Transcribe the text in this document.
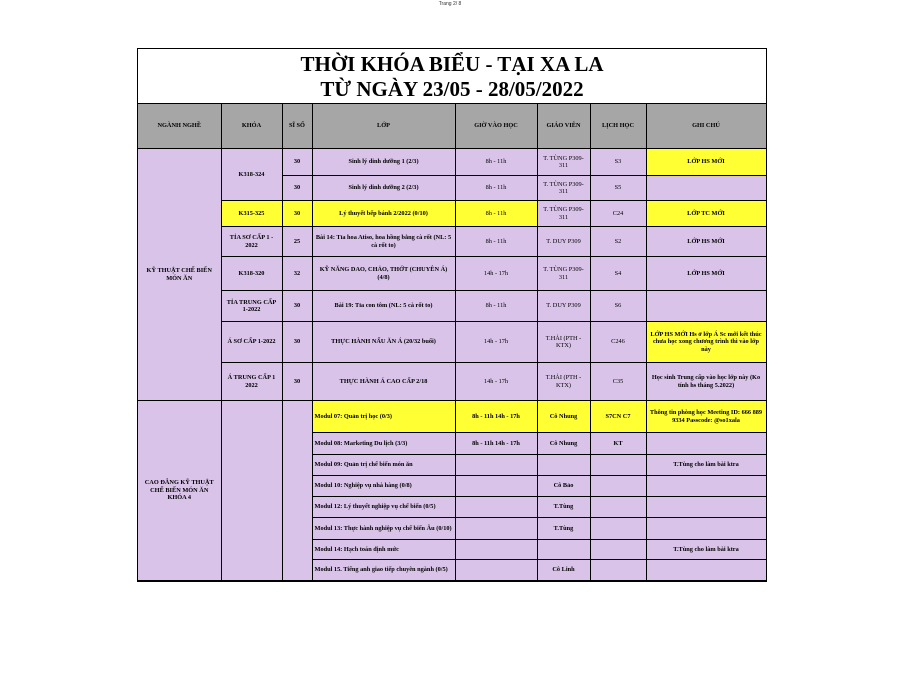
Trang 2/ 8
THỜI KHÓA BIỂU - TẠI XA LA
TỪ NGÀY 23/05 - 28/05/2022
NGÀNH NGHỀ	KHÓA	SĨ SỐ	LỚP	GIỜ VÀO HỌC	GIÁO VIÊN	LỊCH HỌC	GHI CHÚ
KỸ THUẬT CHẾ BIẾN MÓN ĂN	K318-324	30	Sinh lý dinh dưỡng 1 (2/3)	8h - 11h	T. TÙNG P309-311	S3	LỚP HS MỚI
		30	Sinh lý dinh dưỡng 2 (2/3)	8h - 11h	T. TÙNG P309-311	S5	
	K315-325	30	Lý thuyết bếp bánh 2/2022 (0/10)	8h - 11h	T. TÙNG P309-311	C24	LỚP TC MỚI
	TỈA SƠ CẤP 1 - 2022	25	Bài 14: Tỉa hoa Atiso, hoa hồng bằng cà rốt (NL: 5 cà rốt to)	8h - 11h	T. DUY P309	S2	LỚP HS MỚI
	K318-320	32	KỸ NĂNG DAO, CHẢO, THỚT (CHUYÊN Á) (4/8)	14h - 17h	T. TÙNG P309-311	S4	LỚP HS MỚI
	TỈA TRUNG CẤP 1-2022	30	Bài 19: Tỉa con tôm (NL: 5 cà rốt to)	8h - 11h	T. DUY P309	S6	
	Á SƠ CẤP 1-2022	30	THỰC HÀNH NẤU ĂN Á (20/32 buổi)	14h - 17h	T.HẢI (PTH - KTX)	C246	LỚP HS MỚI Hs ở lớp Á Sc mới kết thúc chưa học xong chương trình thì vào lớp này
	Á TRUNG CẤP 1 2022	30	THỰC HÀNH Á CAO CẤP 2/18	14h - 17h	T.HẢI (PTH - KTX)	C35	Học sinh Trung cấp vào học lớp này (Ko tính hs tháng 5.2022)
CAO ĐẲNG KỸ THUẬT CHẾ BIẾN MÓN ĂN KHÓA 4			Modul 07: Quản trị học (0/3)	8h - 11h 14h - 17h	Cô Nhung	S7CN C7	Thông tin phòng học Meeting ID: 666 889 9334 Passcode: @so1xala
			Modul 08: Marketing Du lịch (3/3)	8h - 11h 14h - 17h	Cô Nhung	KT	
			Modul 09: Quản trị chế biến món ăn				T.Tùng cho làm bài ktra
			Modul 10: Nghiệp vụ nhà hàng (0/8)		Cô Bảo		
			Modul 12: Lý thuyết nghiệp vụ chế biến (0/5)		T.Tùng		
			Modul 13: Thực hành nghiệp vụ chế biến Âu (0/10)		T.Tùng		
			Modul 14: Hạch toán định mức				T.Tùng cho làm bài ktra
			Modul 15. Tiếng anh giao tiếp chuyên ngành (0/5)		Cô Linh		
